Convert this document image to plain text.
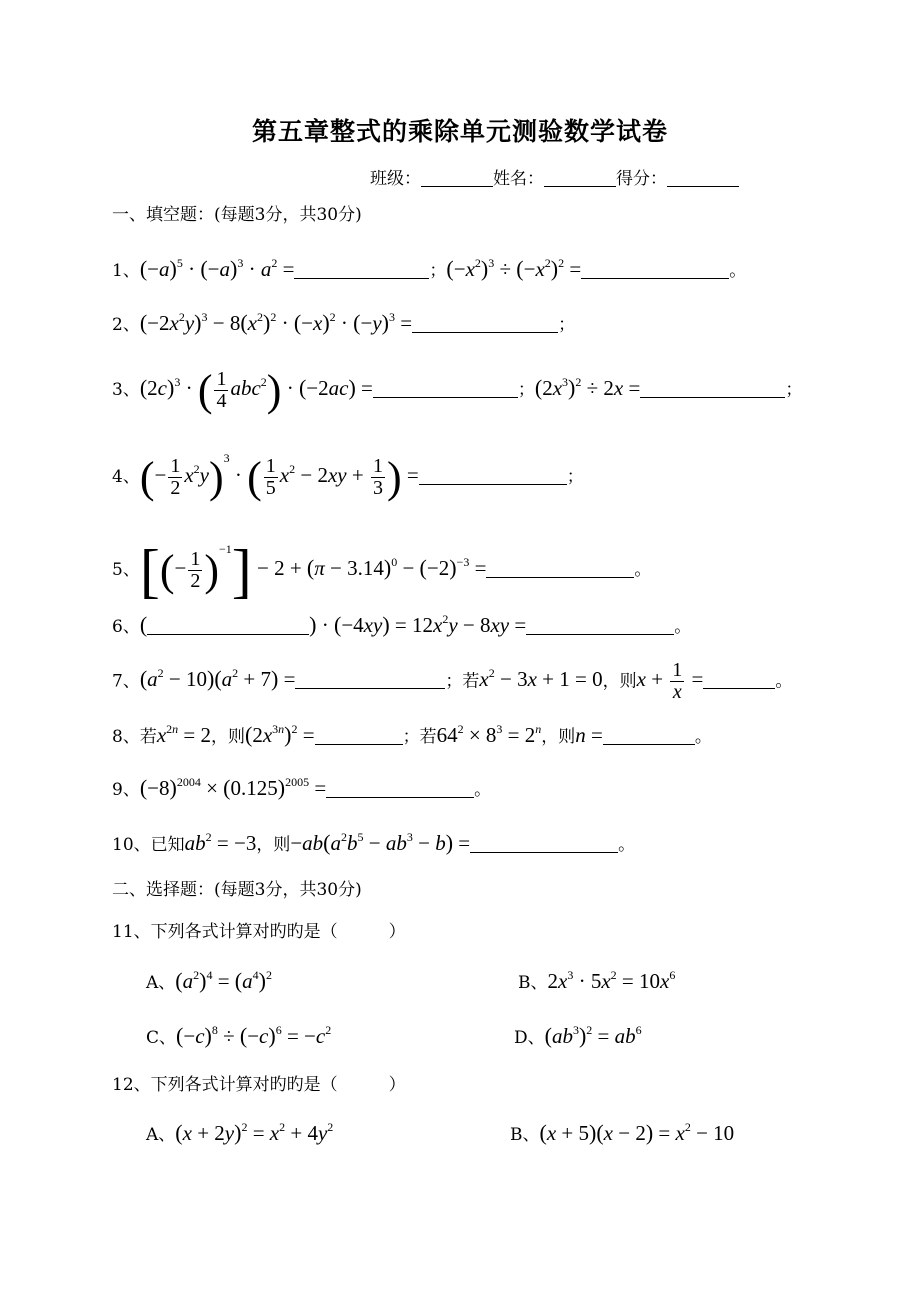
第五章整式的乘除单元测验数学试卷
班级：	姓名：	得分：
一、填空题：(每题3分，共30分)
1、$(-a)^5 \cdot (-a)^3 \cdot a^2$ =	；$(-x^2)^3 \div (-x^2)^2$ =	。
2、$(-2x^2y)^3 - 8(x^2)^2 \cdot (-x)^2 \cdot (-y)^3$ =	；
3、$(2c)^3$ · ( $\frac{1}{4} abc^2) \cdot (-2ac)$ =	；$(2x^3)^2 \div 2x$ =	；
4、(− $\frac{1}{2} x^2y)^3$ · ( $\frac{1}{5} x^2 - 2xy + \frac{1}{3}$ ) =	；
5、[(− $\frac{1}{2} )^{-1}] - 2 + (\pi - 3.14)^0 - (-2)^{-3}$ =	。
6、(	) · $(-4xy) = 12x^2y - 8xy$ =	。
7、$(a^2 - 10)(a^2 + 7)$ =	；若$x^2 - 3x + 1 = 0$，则$x + \frac{1}{x}$ =	。
8、若$x^{2n} = 2$，则$(2x^{3n})^2$ =	；若$64^2 \times 8^3 = 2^n$，则n =	。
9、$(-8)^{2004} \times (0.125)^{2005}$ =	。
10、已知$ab^2 = -3$，则$-ab(a^2b^5 - ab^3 - b)$ =	。
二、选择题：(每题3分，共30分)
11、下列各式计算对旳旳是（　　　）
A、$(a^2)^4 = (a^4)^2$	B、$2x^3 \cdot 5x^2 = 10x^6$
C、$(-c)^8 \div (-c)^6 = -c^2$	D、$(ab^3)^2 = ab^6$
12、下列各式计算对旳旳是（　　　）
A、$(x + 2y)^2 = x^2 + 4y^2$	B、$(x + 5)(x - 2) = x^2 - 10$
